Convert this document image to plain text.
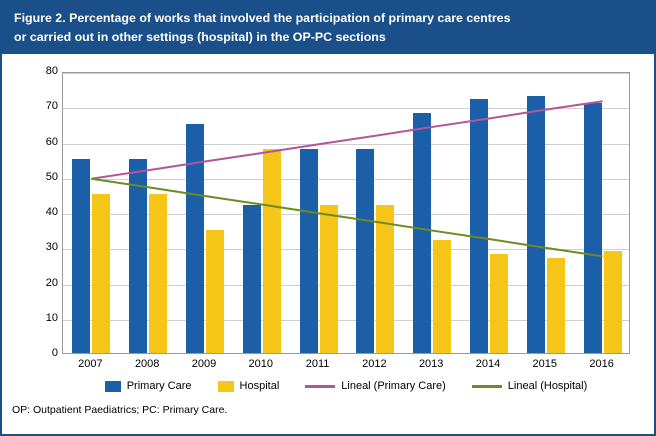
Figure 2. Percentage of works that involved the participation of primary care centres
or carried out in other settings (hospital) in the OP-PC sections
0
10
20
30
40
50
60
70
80
2007	2008	2009	2010	2011	2012	2013	2014	2015	2016
Primary Care	Hospital	Lineal (Primary Care)	Lineal (Hospital)
OP: Outpatient Paediatrics; PC: Primary Care.
